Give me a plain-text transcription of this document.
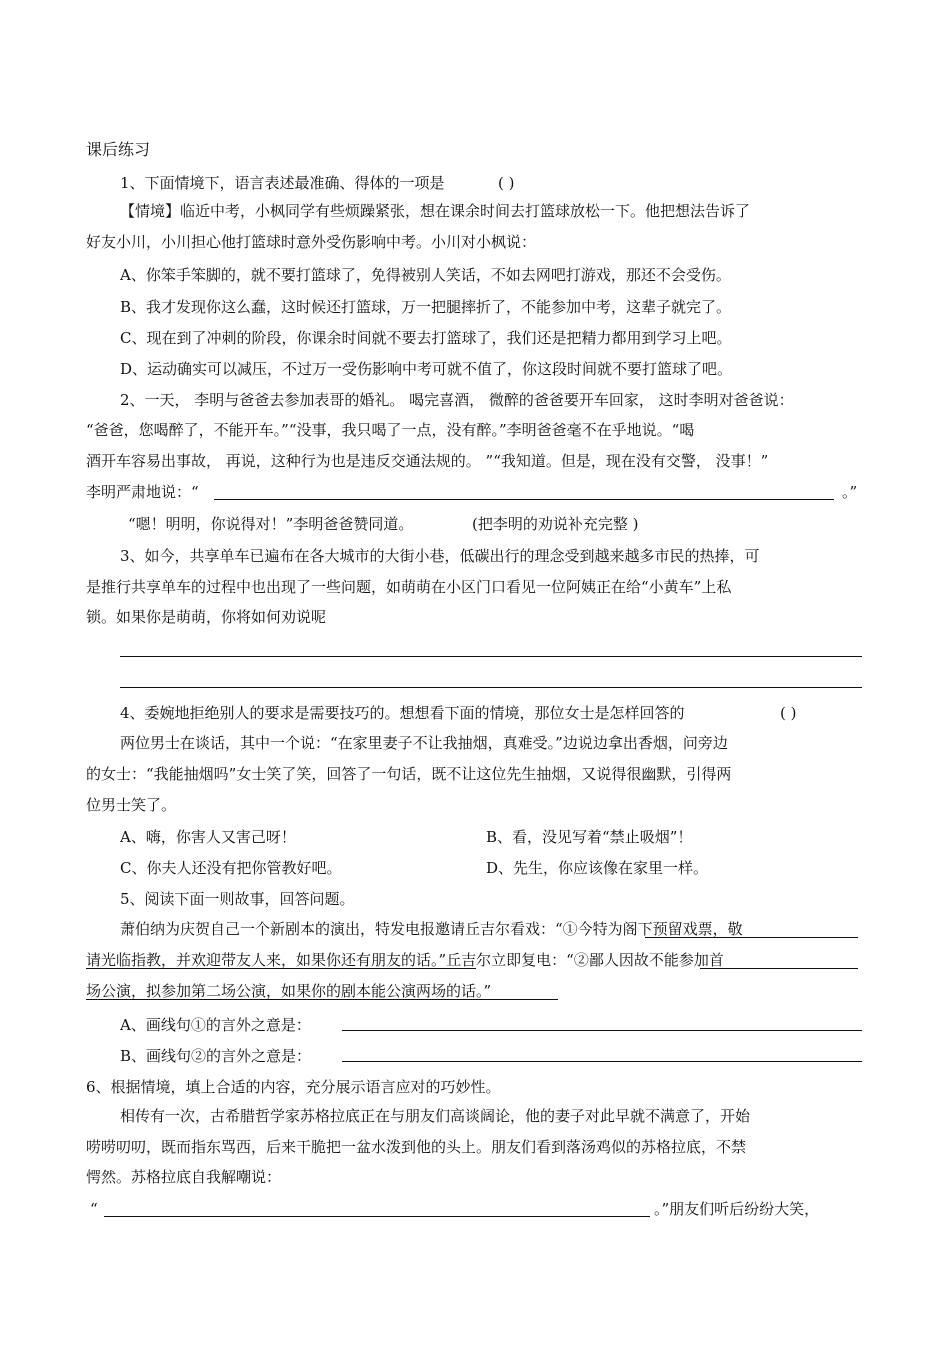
课后练习
1、下面情境下，语言表述最准确、得体的一项是	( )
【情境】临近中考，小枫同学有些烦躁紧张，想在课余时间去打篮球放松一下。他把想法告诉了
好友小川，小川担心他打篮球时意外受伤影响中考。小川对小枫说：
A、你笨手笨脚的，就不要打篮球了，免得被别人笑话，不如去网吧打游戏，那还不会受伤。
B、我才发现你这么蠢，这时候还打篮球，万一把腿摔折了，不能参加中考，这辈子就完了。
C、现在到了冲刺的阶段，你课余时间就不要去打篮球了，我们还是把精力都用到学习上吧。
D、运动确实可以减压，不过万一受伤影响中考可就不值了，你这段时间就不要打篮球了吧。
2、一天， 李明与爸爸去参加表哥的婚礼。 喝完喜酒， 微醉的爸爸要开车回家， 这时李明对爸爸说：
“爸爸，您喝醉了，不能开车。”“没事，我只喝了一点，没有醉。”李明爸爸毫不在乎地说。“喝
酒开车容易出事故， 再说，这种行为也是违反交通法规的。 ”“我知道。但是，现在没有交警， 没事！”
李明严肃地说：“	。”
“嗯！明明，你说得对！”李明爸爸赞同道。	(把李明的劝说补充完整 )
3、如今，共享单车已遍布在各大城市的大街小巷，低碳出行的理念受到越来越多市民的热捧，可
是推行共享单车的过程中也出现了一些问题，如萌萌在小区门口看见一位阿姨正在给“小黄车”上私
锁。如果你是萌萌，你将如何劝说呢
4、委婉地拒绝别人的要求是需要技巧的。想想看下面的情境，那位女士是怎样回答的	( )
两位男士在谈话，其中一个说：“在家里妻子不让我抽烟，真难受。”边说边拿出香烟，问旁边
的女士：“我能抽烟吗”女士笑了笑，回答了一句话，既不让这位先生抽烟，又说得很幽默，引得两
位男士笑了。
A、嗨，你害人又害己呀！	B、看，没见写着“禁止吸烟”！
C、你夫人还没有把你管教好吧。	D、先生，你应该像在家里一样。
5、阅读下面一则故事，回答问题。
萧伯纳为庆贺自己一个新剧本的演出，特发电报邀请丘吉尔看戏：“①今特为阁下预留戏票，敬
请光临指教，并欢迎带友人来，如果你还有朋友的话。”丘吉尔立即复电：“②鄙人因故不能参加首
场公演，拟参加第二场公演，如果你的剧本能公演两场的话。”
A、画线句①的言外之意是：
B、画线句②的言外之意是：
6、根据情境，填上合适的内容，充分展示语言应对的巧妙性。
相传有一次，古希腊哲学家苏格拉底正在与朋友们高谈阔论，他的妻子对此早就不满意了，开始
唠唠叨叨，既而指东骂西，后来干脆把一盆水泼到他的头上。朋友们看到落汤鸡似的苏格拉底，不禁
愕然。苏格拉底自我解嘲说：
“	。”朋友们听后纷纷大笑，
